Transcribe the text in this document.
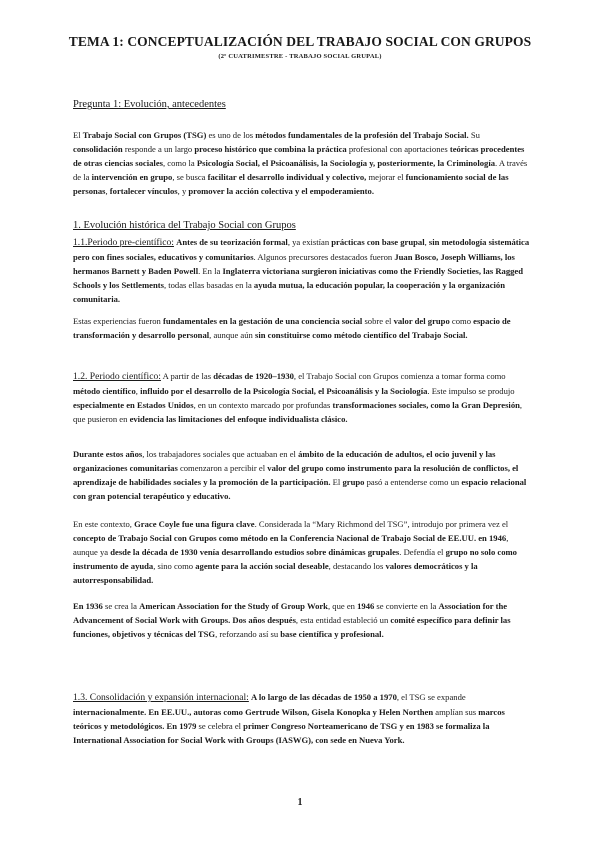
TEMA 1: CONCEPTUALIZACIÓN DEL TRABAJO SOCIAL CON GRUPOS
(2º CUATRIMESTRE - TRABAJO SOCIAL GRUPAL)
Pregunta 1: Evolución, antecedentes
El Trabajo Social con Grupos (TSG) es uno de los métodos fundamentales de la profesión del Trabajo Social. Su consolidación responde a un largo proceso histórico que combina la práctica profesional con aportaciones teóricas procedentes de otras ciencias sociales, como la Psicología Social, el Psicoanálisis, la Sociología y, posteriormente, la Criminología. A través de la intervención en grupo, se busca facilitar el desarrollo individual y colectivo, mejorar el funcionamiento social de las personas, fortalecer vínculos, y promover la acción colectiva y el empoderamiento.
1. Evolución histórica del Trabajo Social con Grupos
1.1.Periodo pre-científico: Antes de su teorización formal, ya existían prácticas con base grupal, sin metodología sistemática pero con fines sociales, educativos y comunitarios. Algunos precursores destacados fueron Juan Bosco, Joseph Williams, los hermanos Barnett y Baden Powell. En la Inglaterra victoriana surgieron iniciativas como the Friendly Societies, las Ragged Schools y los Settlements, todas ellas basadas en la ayuda mutua, la educación popular, la cooperación y la organización comunitaria.
Estas experiencias fueron fundamentales en la gestación de una conciencia social sobre el valor del grupo como espacio de transformación y desarrollo personal, aunque aún sin constituirse como método científico del Trabajo Social.
1.2. Periodo científico: A partir de las décadas de 1920–1930, el Trabajo Social con Grupos comienza a tomar forma como método científico, influido por el desarrollo de la Psicología Social, el Psicoanálisis y la Sociología. Este impulso se produjo especialmente en Estados Unidos, en un contexto marcado por profundas transformaciones sociales, como la Gran Depresión, que pusieron en evidencia las limitaciones del enfoque individualista clásico.
Durante estos años, los trabajadores sociales que actuaban en el ámbito de la educación de adultos, el ocio juvenil y las organizaciones comunitarias comenzaron a percibir el valor del grupo como instrumento para la resolución de conflictos, el aprendizaje de habilidades sociales y la promoción de la participación. El grupo pasó a entenderse como un espacio relacional con gran potencial terapéutico y educativo.
En este contexto, Grace Coyle fue una figura clave. Considerada la “Mary Richmond del TSG”, introdujo por primera vez el concepto de Trabajo Social con Grupos como método en la Conferencia Nacional de Trabajo Social de EE.UU. en 1946, aunque ya desde la década de 1930 venía desarrollando estudios sobre dinámicas grupales. Defendía el grupo no solo como instrumento de ayuda, sino como agente para la acción social deseable, destacando los valores democráticos y la autorresponsabilidad.
En 1936 se crea la American Association for the Study of Group Work, que en 1946 se convierte en la Association for the Advancement of Social Work with Groups. Dos años después, esta entidad estableció un comité específico para definir las funciones, objetivos y técnicas del TSG, reforzando así su base científica y profesional.
1.3. Consolidación y expansión internacional: A lo largo de las décadas de 1950 a 1970, el TSG se expande internacionalmente. En EE.UU., autoras como Gertrude Wilson, Gisela Konopka y Helen Northen amplían sus marcos teóricos y metodológicos. En 1979 se celebra el primer Congreso Norteamericano de TSG y en 1983 se formaliza la International Association for Social Work with Groups (IASWG), con sede en Nueva York.
1
